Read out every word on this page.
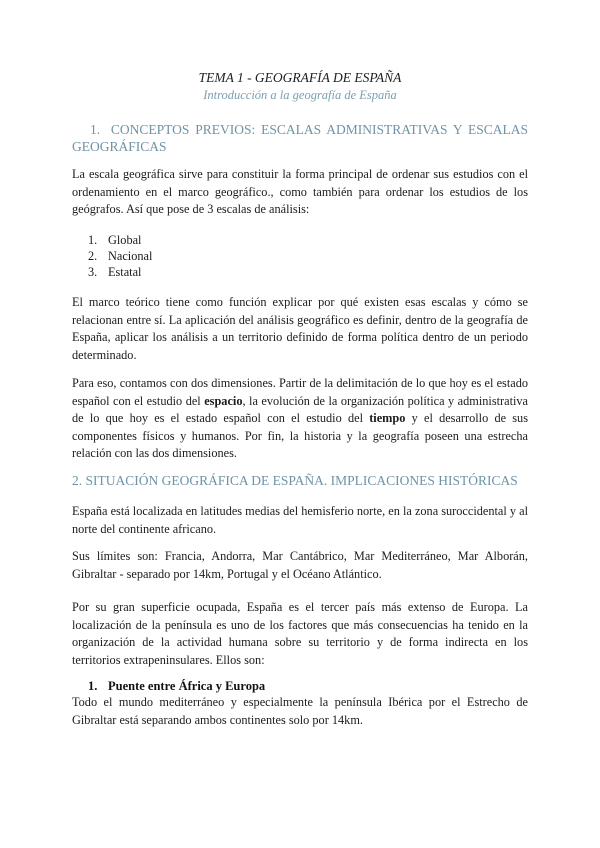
TEMA 1 - GEOGRAFÍA DE ESPAÑA
Introducción a la geografía de España
1. CONCEPTOS PREVIOS: ESCALAS ADMINISTRATIVAS Y ESCALAS GEOGRÁFICAS
La escala geográfica sirve para constituir la forma principal de ordenar sus estudios con el ordenamiento en el marco geográfico., como también para ordenar los estudios de los geógrafos. Así que pose de 3 escalas de análisis:
1. Global
2. Nacional
3. Estatal
El marco teórico tiene como función explicar por qué existen esas escalas y cómo se relacionan entre sí. La aplicación del análisis geográfico es definir, dentro de la geografía de España, aplicar los análisis a un territorio definido de forma política dentro de un periodo determinado.
Para eso, contamos con dos dimensiones. Partir de la delimitación de lo que hoy es el estado español con el estudio del espacio, la evolución de la organización política y administrativa de lo que hoy es el estado español con el estudio del tiempo y el desarrollo de sus componentes físicos y humanos. Por fin, la historia y la geografía poseen una estrecha relación con las dos dimensiones.
2. SITUACIÓN GEOGRÁFICA DE ESPAÑA. IMPLICACIONES HISTÓRICAS
España está localizada en latitudes medias del hemisferio norte, en la zona suroccidental y al norte del continente africano.
Sus límites son: Francia, Andorra, Mar Cantábrico, Mar Mediterráneo, Mar Alborán, Gibraltar - separado por 14km, Portugal y el Océano Atlántico.
Por su gran superficie ocupada, España es el tercer país más extenso de Europa. La localización de la península es uno de los factores que más consecuencias ha tenido en la organización de la actividad humana sobre su territorio y de forma indirecta en los territorios extrapeninsulares. Ellos son:
1. Puente entre África y Europa
Todo el mundo mediterráneo y especialmente la península Ibérica por el Estrecho de Gibraltar está separando ambos continentes solo por 14km.
